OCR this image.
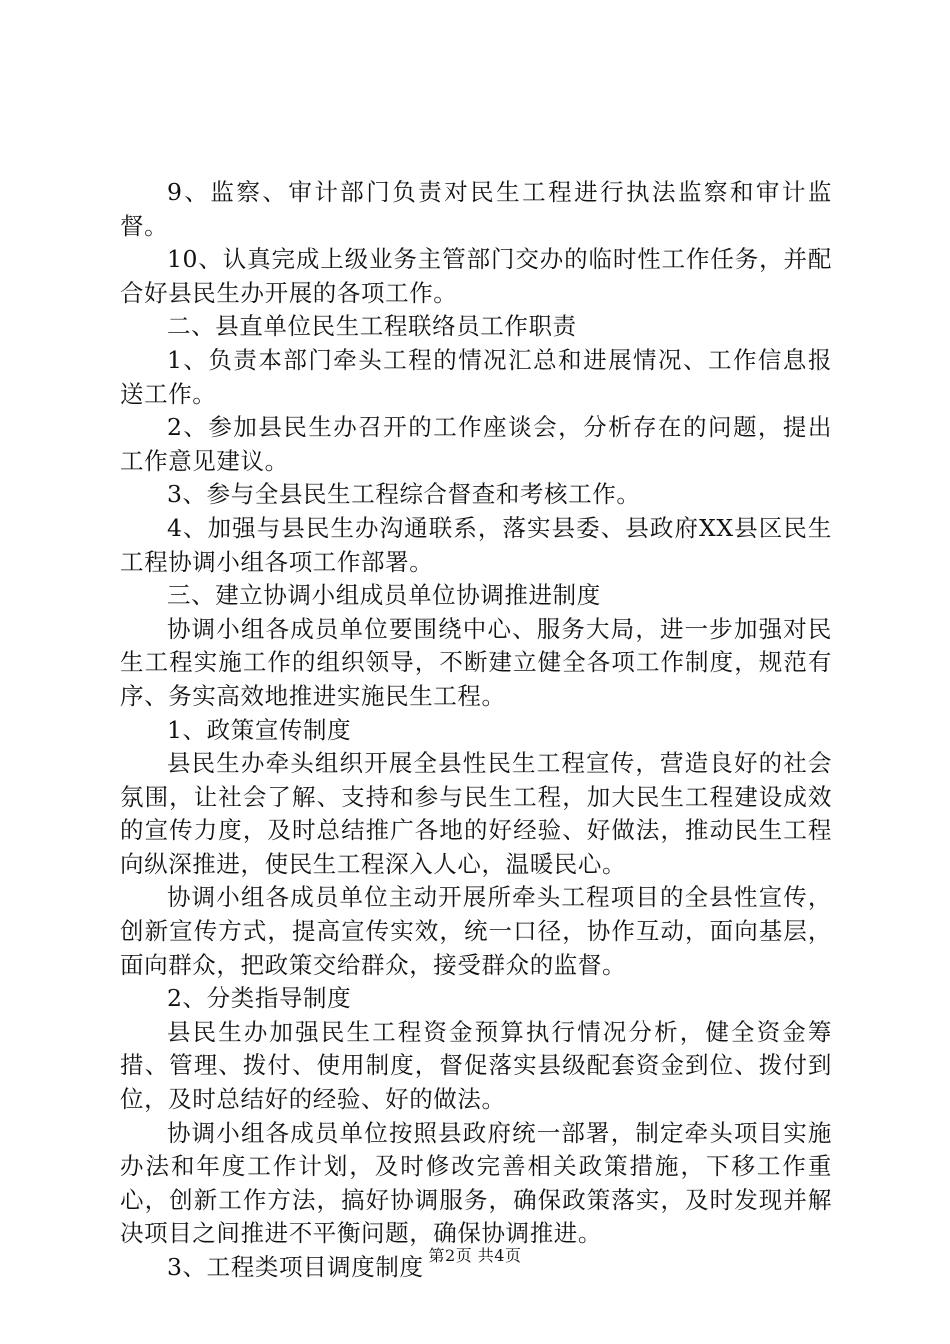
9、监察、审计部门负责对民生工程进行执法监察和审计监督。

10、认真完成上级业务主管部门交办的临时性工作任务，并配合好县民生办开展的各项工作。

二、县直单位民生工程联络员工作职责

1、负责本部门牵头工程的情况汇总和进展情况、工作信息报送工作。

2、参加县民生办召开的工作座谈会，分析存在的问题，提出工作意见建议。

3、参与全县民生工程综合督查和考核工作。

4、加强与县民生办沟通联系，落实县委、县政府XX县区民生工程协调小组各项工作部署。

三、建立协调小组成员单位协调推进制度

协调小组各成员单位要围绕中心、服务大局，进一步加强对民生工程实施工作的组织领导，不断建立健全各项工作制度，规范有序、务实高效地推进实施民生工程。

1、政策宣传制度

县民生办牵头组织开展全县性民生工程宣传，营造良好的社会氛围，让社会了解、支持和参与民生工程，加大民生工程建设成效的宣传力度，及时总结推广各地的好经验、好做法，推动民生工程向纵深推进，使民生工程深入人心，温暖民心。

协调小组各成员单位主动开展所牵头工程项目的全县性宣传，创新宣传方式，提高宣传实效，统一口径，协作互动，面向基层，面向群众，把政策交给群众，接受群众的监督。

2、分类指导制度

县民生办加强民生工程资金预算执行情况分析，健全资金筹措、管理、拨付、使用制度，督促落实县级配套资金到位、拨付到位，及时总结好的经验、好的做法。

协调小组各成员单位按照县政府统一部署，制定牵头项目实施办法和年度工作计划，及时修改完善相关政策措施，下移工作重心，创新工作方法，搞好协调服务，确保政策落实，及时发现并解决项目之间推进不平衡问题，确保协调推进。

3、工程类项目调度制度 第2页 共4页
